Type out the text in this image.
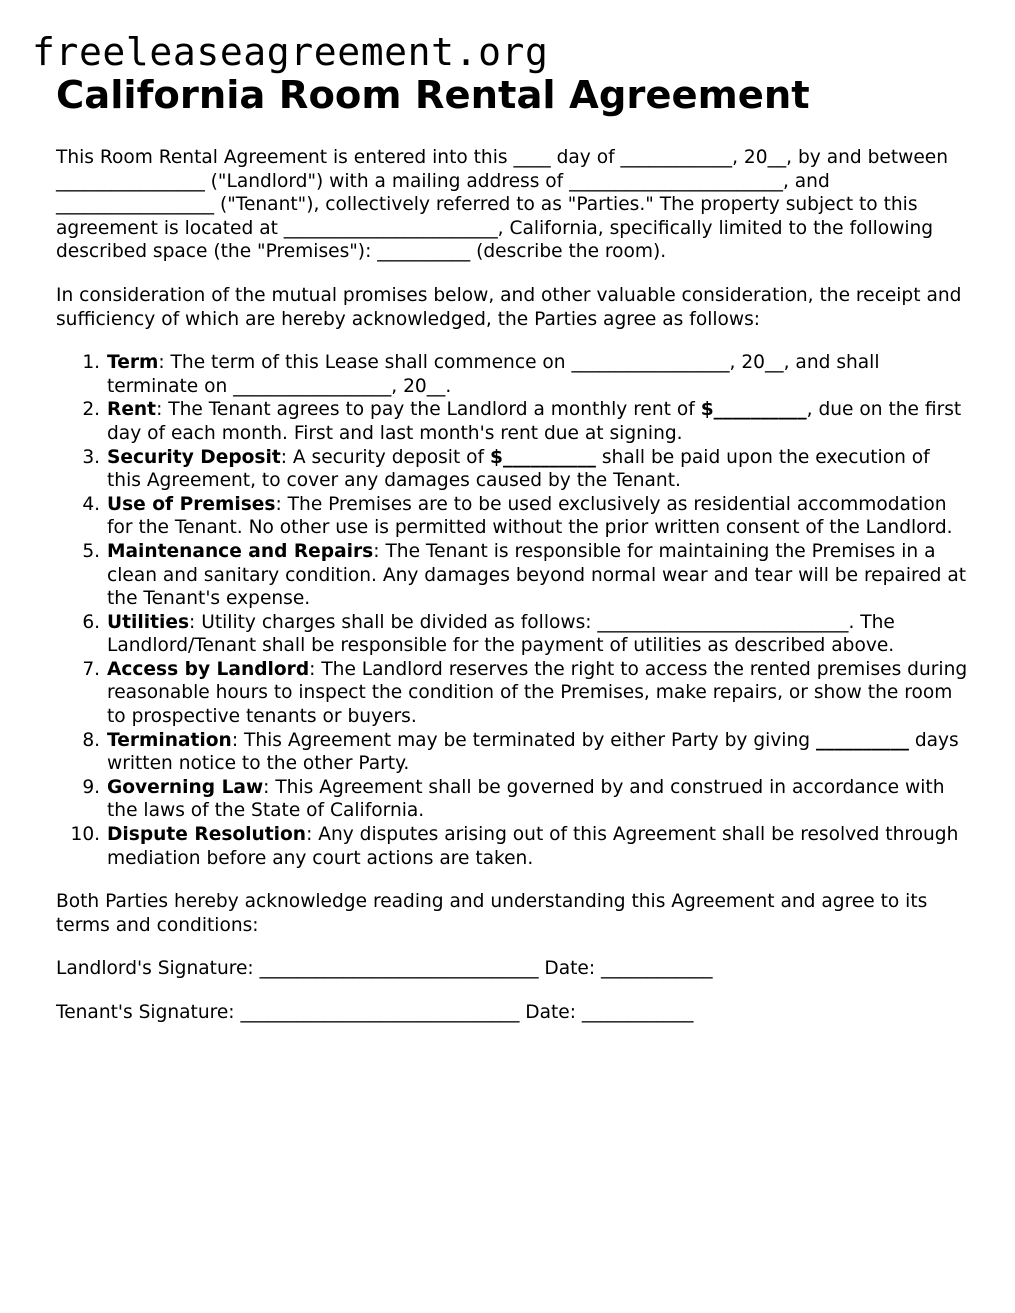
freeleaseagreement.org
California Room Rental Agreement

This Room Rental Agreement is entered into this ____ day of ____________, 20__, by and between ________________ ("Landlord") with a mailing address of _______________________, and _________________ ("Tenant"), collectively referred to as "Parties." The property subject to this agreement is located at _______________________, California, specifically limited to the following described space (the "Premises"): __________ (describe the room).

In consideration of the mutual promises below, and other valuable consideration, the receipt and sufficiency of which are hereby acknowledged, the Parties agree as follows:

1. Term: The term of this Lease shall commence on _________________, 20__, and shall terminate on _________________, 20__.
2. Rent: The Tenant agrees to pay the Landlord a monthly rent of $__________, due on the first day of each month. First and last month's rent due at signing.
3. Security Deposit: A security deposit of $__________ shall be paid upon the execution of this Agreement, to cover any damages caused by the Tenant.
4. Use of Premises: The Premises are to be used exclusively as residential accommodation for the Tenant. No other use is permitted without the prior written consent of the Landlord.
5. Maintenance and Repairs: The Tenant is responsible for maintaining the Premises in a clean and sanitary condition. Any damages beyond normal wear and tear will be repaired at the Tenant's expense.
6. Utilities: Utility charges shall be divided as follows: ___________________________. The Landlord/Tenant shall be responsible for the payment of utilities as described above.
7. Access by Landlord: The Landlord reserves the right to access the rented premises during reasonable hours to inspect the condition of the Premises, make repairs, or show the room to prospective tenants or buyers.
8. Termination: This Agreement may be terminated by either Party by giving __________ days written notice to the other Party.
9. Governing Law: This Agreement shall be governed by and construed in accordance with the laws of the State of California.
10. Dispute Resolution: Any disputes arising out of this Agreement shall be resolved through mediation before any court actions are taken.

Both Parties hereby acknowledge reading and understanding this Agreement and agree to its terms and conditions:

Landlord's Signature: ______________________________ Date: ____________
Tenant's Signature: ______________________________ Date: ____________
